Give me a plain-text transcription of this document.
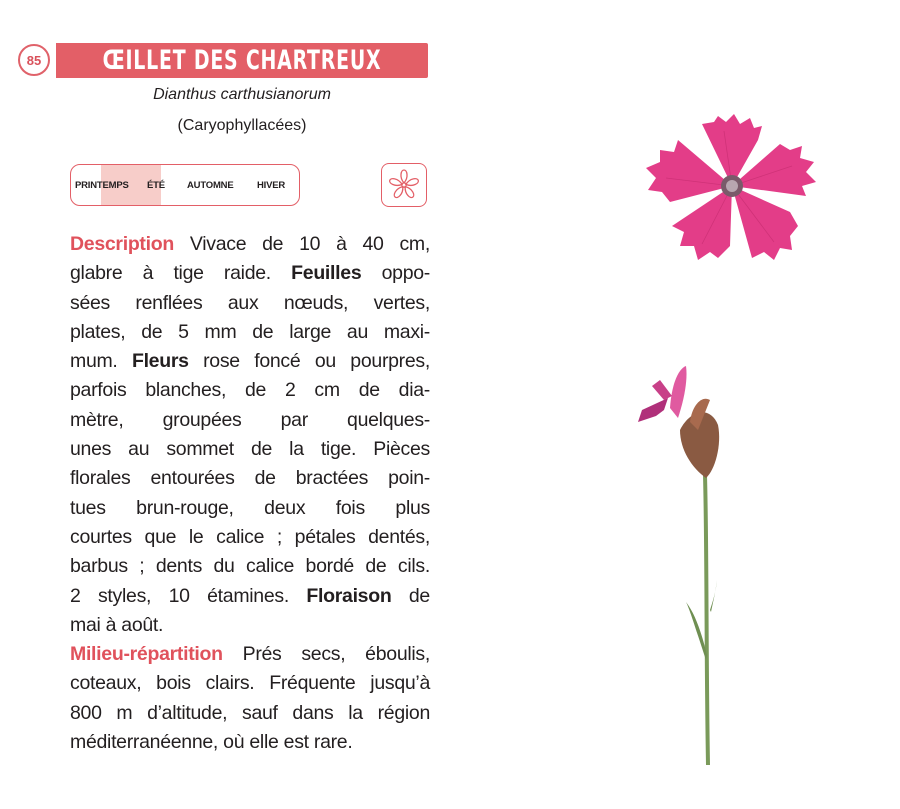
85	ŒILLET DES CHARTREUX
Dianthus carthusianorum
(Caryophyllacées)
PRINTEMPS ÉTÉ AUTOMNE HIVER
Description Vivace de 10 à 40 cm,
glabre à tige raide. Feuilles oppo-
sées renflées aux nœuds, vertes,
plates, de 5 mm de large au maxi-
mum. Fleurs rose foncé ou pourpres,
parfois blanches, de 2 cm de dia-
mètre, groupées par quelques-
unes au sommet de la tige. Pièces
florales entourées de bractées poin-
tues brun-rouge, deux fois plus
courtes que le calice ; pétales dentés,
barbus ; dents du calice bordé de cils.
2 styles, 10 étamines. Floraison de
mai à août.
Milieu-répartition Prés secs, éboulis,
coteaux, bois clairs. Fréquente jusqu’à
800 m d’altitude, sauf dans la région
méditerranéenne, où elle est rare.
